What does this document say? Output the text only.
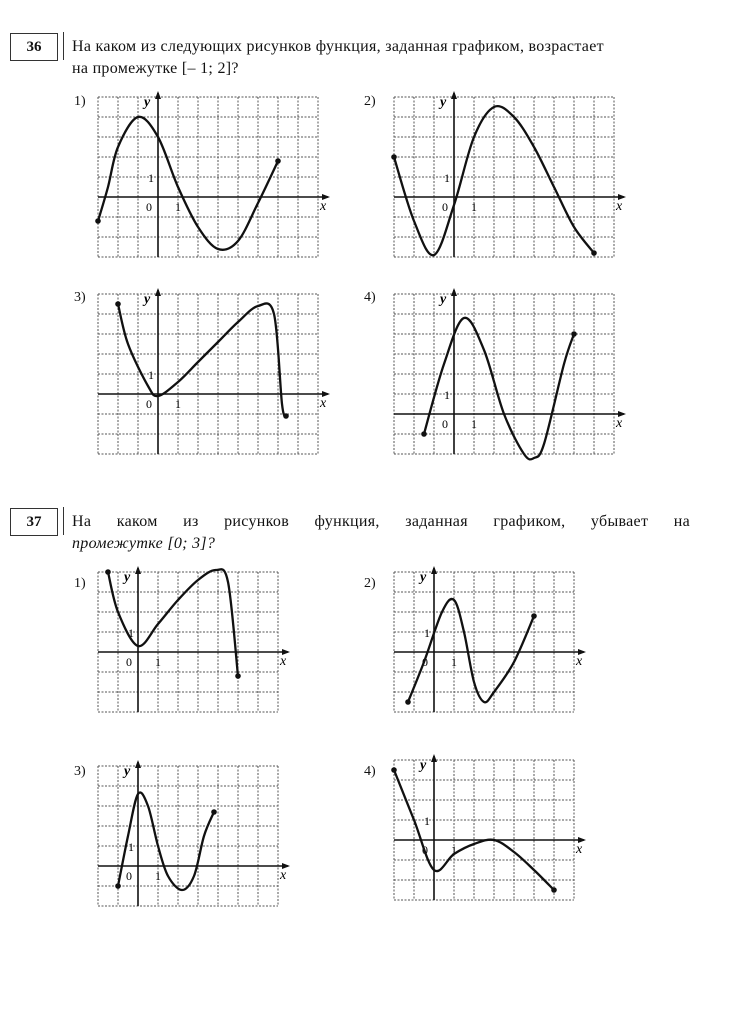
36 На каком из следующих рисунков функция, заданная графиком, возрастает
на промежутке [– 1; 2]?
1)	2)
3)	4)
37 На каком из рисунков функция, заданная графиком, убывает на
промежутке [0; 3]?
1)	2)
3)	4)
x
y
0 1
1
x
y
0 1
1
x
y
0 1
1
x
y
0 1
1
x
y
0 1
1
x
y
0 1
1
x
y
0 1
1	x
y
0 1
1
